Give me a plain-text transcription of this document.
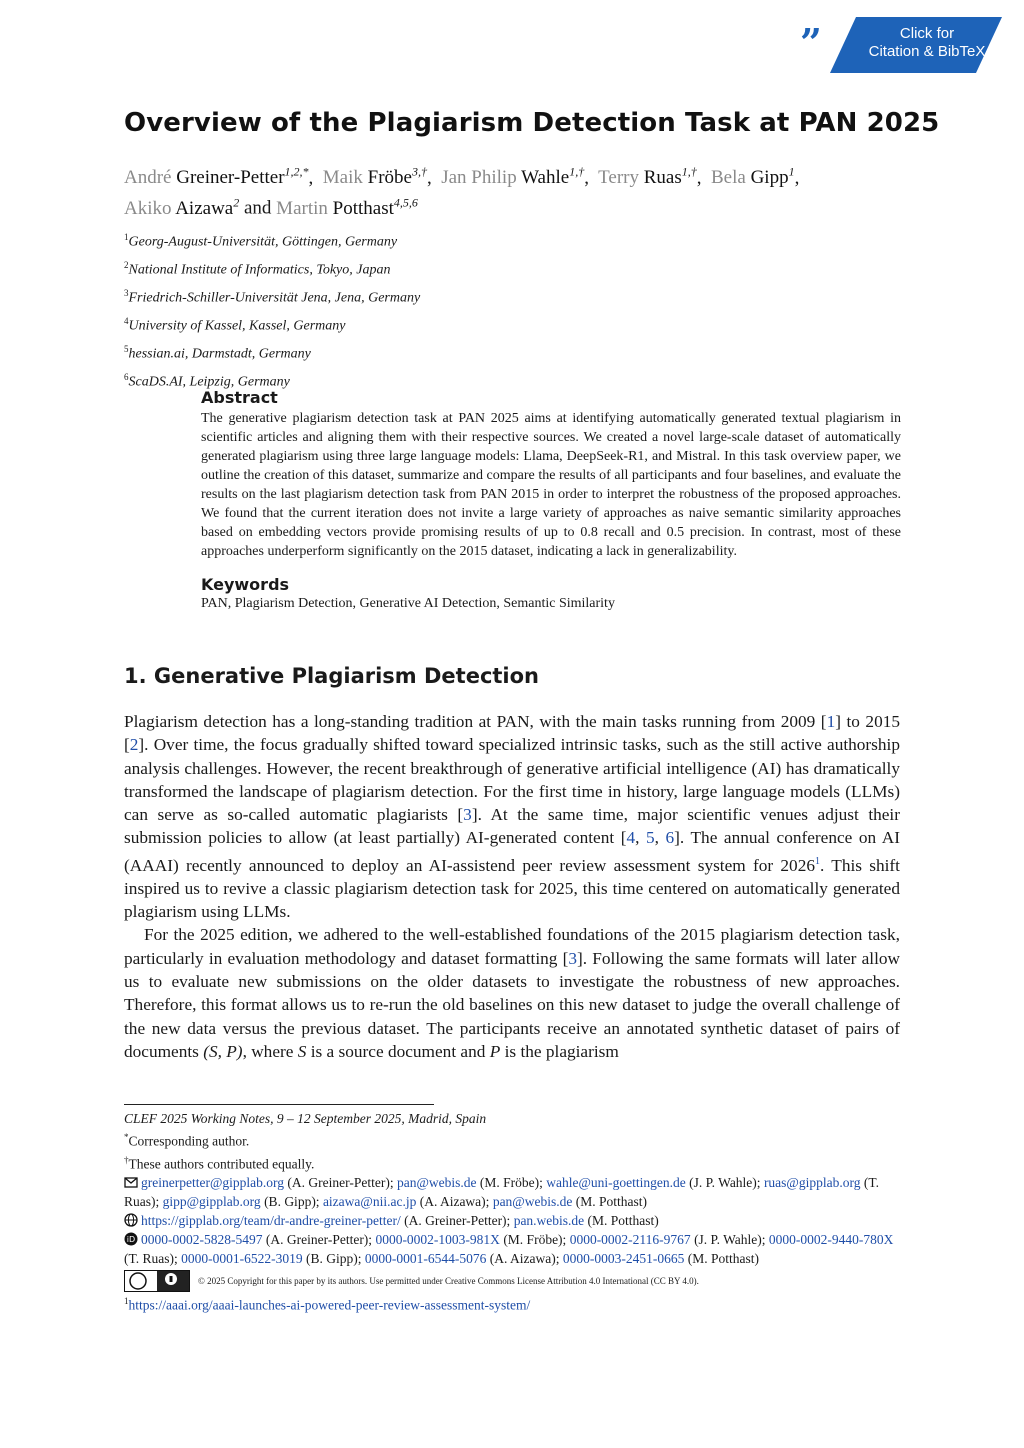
”	Click for
Citation & BibTeX
Overview of the Plagiarism Detection Task at PAN 2025
André Greiner-Petter$^{1,2,*}$,  Maik Fröbe$^{3,\dagger}$,  Jan Philip Wahle$^{1,\dagger}$,  Terry Ruas$^{1,\dagger}$,  Bela Gipp$^1$,
Akiko Aizawa$^2$ and Martin Potthast$^{4,5,6}$
$^1$Georg-August-Universität, Göttingen, Germany
$^2$National Institute of Informatics, Tokyo, Japan
$^3$Friedrich-Schiller-Universität Jena, Jena, Germany
$^4$University of Kassel, Kassel, Germany
$^5$hessian.ai, Darmstadt, Germany
$^6$ScaDS.AI, Leipzig, Germany
Abstract
The generative plagiarism detection task at PAN 2025 aims at identifying automatically generated textual plagiarism in scientific articles and aligning them with their respective sources. We created a novel large-scale dataset of automatically generated plagiarism using three large language models: Llama, DeepSeek-R1, and Mistral. In this task overview paper, we outline the creation of this dataset, summarize and compare the results of all participants and four baselines, and evaluate the results on the last plagiarism detection task from PAN 2015 in order to interpret the robustness of the proposed approaches. We found that the current iteration does not invite a large variety of approaches as naive semantic similarity approaches based on embedding vectors provide promising results of up to 0.8 recall and 0.5 precision. In contrast, most of these approaches underperform significantly on the 2015 dataset, indicating a lack in generalizability.
Keywords
PAN, Plagiarism Detection, Generative AI Detection, Semantic Similarity
1. Generative Plagiarism Detection

Plagiarism detection has a long-standing tradition at PAN, with the main tasks running from 2009 [1] to 2015 [2]. Over time, the focus gradually shifted toward specialized intrinsic tasks, such as the still active authorship analysis challenges. However, the recent breakthrough of generative artificial intelligence (AI) has dramatically transformed the landscape of plagiarism detection. For the first time in history, large language models (LLMs) can serve as so-called automatic plagiarists [3]. At the same time, major scientific venues adjust their submission policies to allow (at least partially) AI-generated content [4, 5, 6]. The annual conference on AI (AAAI) recently announced to deploy an AI-assistend peer review assessment system for 2026$^1$. This shift inspired us to revive a classic plagiarism detection task for 2025, this time centered on automatically generated plagiarism using LLMs.

For the 2025 edition, we adhered to the well-established foundations of the 2015 plagiarism detection task, particularly in evaluation methodology and dataset formatting [3]. Following the same formats will later allow us to evaluate new submissions on the older datasets to investigate the robustness of new approaches. Therefore, this format allows us to re-run the old baselines on this new dataset to judge the overall challenge of the new data versus the previous dataset. The participants receive an annotated synthetic dataset of pairs of documents (S, P), where S is a source document and P is the plagiarism

CLEF 2025 Working Notes, 9 – 12 September 2025, Madrid, Spain
*Corresponding author.
†These authors contributed equally.
greinerpetter@gipplab.org (A. Greiner-Petter); pan@webis.de (M. Fröbe); wahle@uni-goettingen.de (J. P. Wahle); ruas@gipplab.org (T. Ruas); gipp@gipplab.org (B. Gipp); aizawa@nii.ac.jp (A. Aizawa); pan@webis.de (M. Potthast)
https://gipplab.org/team/dr-andre-greiner-petter/ (A. Greiner-Petter); pan.webis.de (M. Potthast)
iD 0000-0002-5828-5497 (A. Greiner-Petter); 0000-0002-1003-981X (M. Fröbe); 0000-0002-2116-9767 (J. P. Wahle); 0000-0002-9440-780X (T. Ruas); 0000-0001-6522-3019 (B. Gipp); 0000-0001-6544-5076 (A. Aizawa); 0000-0003-2451-0665 (M. Potthast)
© 2025 Copyright for this paper by its authors. Use permitted under Creative Commons License Attribution 4.0 International (CC BY 4.0).
$^1$https://aaai.org/aaai-launches-ai-powered-peer-review-assessment-system/
